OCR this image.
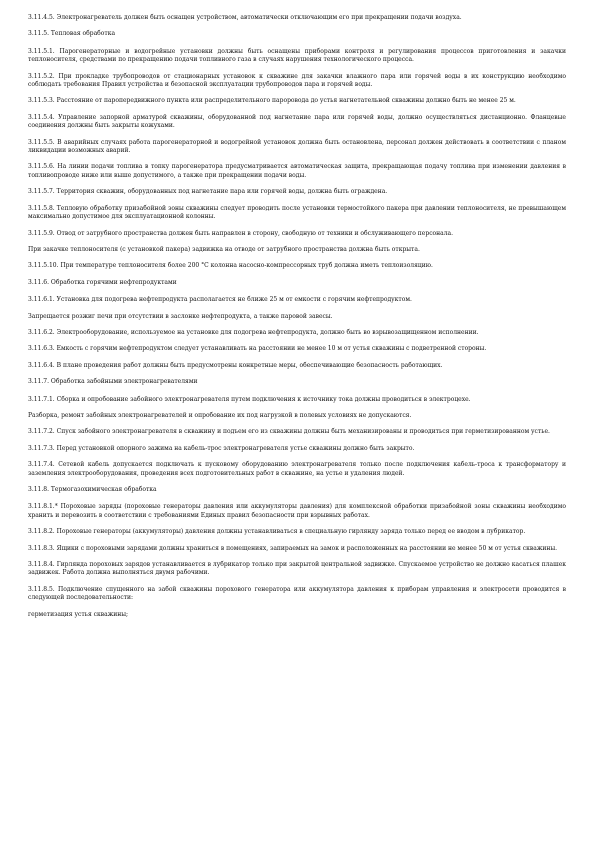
3.11.4.5. Электронагреватель должен быть оснащен устройством, автоматически отключающим его при прекращении подачи воздуха.

3.11.5. Тепловая обработка

3.11.5.1. Парогенераторные и водогрейные установки должны быть оснащены приборами контроля и регулирования процессов приготовления и закачки теплоносителя, средствами по прекращению подачи топливного газа в случаях нарушения технологического процесса.

3.11.5.2. При прокладке трубопроводов от стационарных установок к скважине для закачки влажного пара или горячей воды в их конструкцию необходимо соблюдать требования Правил устройства и безопасной эксплуатации трубопроводов пара и горячей воды.

3.11.5.3. Расстояние от паропередвижного пункта или распределительного пароровода до устья нагнетательной скважины должно быть не менее 25 м.

3.11.5.4. Управление запорной арматурой скважины, оборудованной под нагнетание пара или горячей воды, должно осуществляться дистанционно. Фланцевые соединения должны быть закрыты кожухами.

3.11.5.5. В аварийных случаях работа парогенераторной и водогрейной установок должна быть остановлена, персонал должен действовать в соответствии с планом ликвидации возможных аварий.

3.11.5.6. На линии подачи топлива в топку парогенератора предусматривается автоматическая защита, прекращающая подачу топлива при изменении давления в топливопроводе ниже или выше допустимого, а также при прекращении подачи воды.

3.11.5.7. Территория скважин, оборудованных под нагнетание пара или горячей воды, должна быть ограждена.

3.11.5.8. Тепловую обработку призабойной зоны скважины следует проводить после установки термостойкого пакера при давлении теплоносителя, не превышающем максимально допустимое для эксплуатационной колонны.

3.11.5.9. Отвод от затрубного пространства должен быть направлен в сторону, свободную от техники и обслуживающего персонала.

При закачке теплоносителя (с установкой пакера) задвижка на отводе от затрубного пространства должна быть открыта.

3.11.5.10. При температуре теплоносителя более 200 °С колонна насосно-компрессорных труб должна иметь теплоизоляцию.

3.11.6. Обработка горячими нефтепродуктами

3.11.6.1. Установка для подогрева нефтепродукта располагается не ближе 25 м от емкости с горячим нефтепродуктом.

Запрещается розжиг печи при отсутствии в заслонке нефтепродукта, а также паровой завесы.

3.11.6.2. Электрооборудование, используемое на установке для подогрева нефтепродукта, должно быть во взрывозащищенном исполнении.

3.11.6.3. Емкость с горячим нефтепродуктом следует устанавливать на расстоянии не менее 10 м от устья скважины с подветренной стороны.

3.11.6.4. В плане проведения работ должны быть предусмотрены конкретные меры, обеспечивающие безопасность работающих.

3.11.7. Обработка забойными электронагревателями

3.11.7.1. Сборка и опробование забойного электронагревателя путем подключения к источнику тока должны проводиться в электроцехе.

Разборка, ремонт забойных электронагревателей и опробование их под нагрузкой в полевых условиях не допускаются.

3.11.7.2. Спуск забойного электронагревателя в скважину и подъем его из скважины должны быть механизированы и проводиться при герметизированном устье.

3.11.7.3. Перед установкой опорного зажима на кабель-трос электронагревателя устье скважины должно быть закрыто.

3.11.7.4. Сетевой кабель допускается подключать к пусковому оборудованию электронагревателя только после подключения кабель-троса к трансформатору и заземления электрооборудования, проведения всех подготовительных работ в скважине, на устье и удаления людей.

3.11.8. Термогазохимическая обработка

3.11.8.1.* Пороховые заряды (пороховые генераторы давления или аккумуляторы давления) для комплексной обработки призабойной зоны скважины необходимо хранить и перевозить в соответствии с требованиями Единых правил безопасности при взрывных работах.

3.11.8.2. Пороховые генераторы (аккумуляторы) давления должны устанавливаться в специальную гирлянду заряда только перед ее вводом в лубрикатор.

3.11.8.3. Ящики с пороховыми зарядами должны храниться в помещениях, запираемых на замок и расположенных на расстоянии не менее 50 м от устья скважины.

3.11.8.4. Гирлянда пороховых зарядов устанавливается в лубрикатор только при закрытой центральной задвижке. Спускаемое устройство не должно касаться плашек задвижек. Работа должна выполняться двумя рабочими.

3.11.8.5. Подключение спущенного на забой скважины порохового генератора или аккумулятора давления к приборам управления и электросети проводится в следующей последовательности:

герметизация устья скважины;
